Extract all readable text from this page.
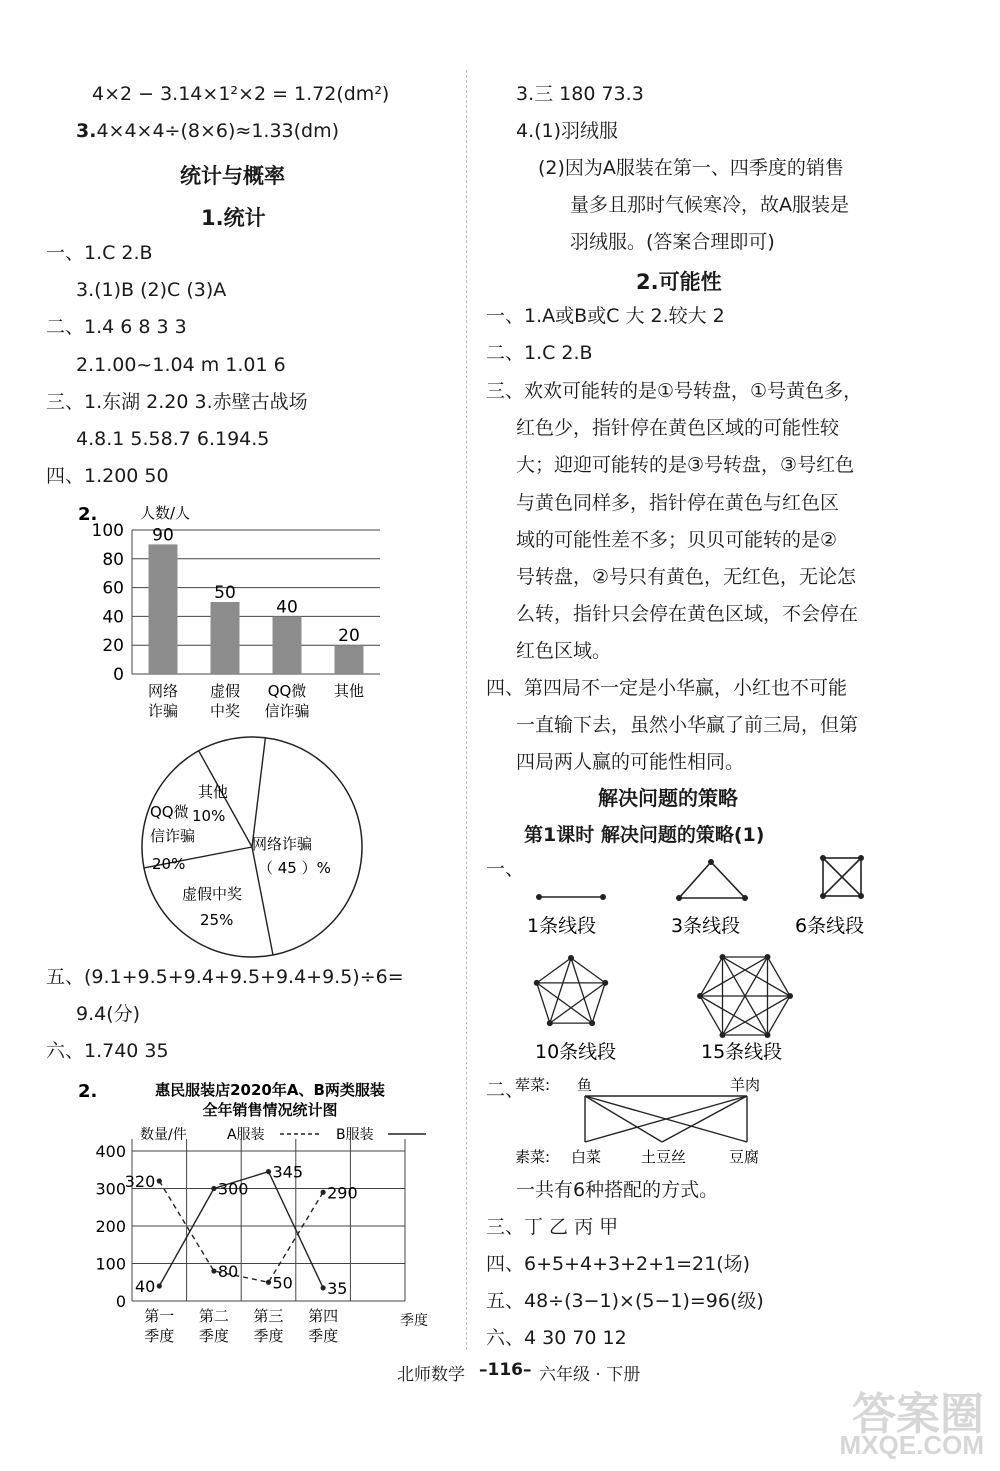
4×2 − 3.14×1²×2 = 1.72(dm²)
3.4×4×4÷(8×6)≈1.33(dm)
统计与概率
1.统计
一、1.C 2.B
3.(1)B (2)C (3)A
二、1.4 6 8 3 3
2.1.00~1.04 m 1.01 6
三、1.东湖 2.20 3.赤壁古战场
4.8.1 5.58.7 6.194.5
四、1.200 50
2.	人数/人
0
20
40
60
80
100 90
网络
诈骗
50
虚假
中奖
40
QQ微
信诈骗
20
其他
其他
10%
网络诈骗
（ 45 ）%
QQ微
信诈骗
20%
虚假中奖
25%
五、(9.1+9.5+9.4+9.5+9.4+9.5)÷6=
9.4(分)
六、1.740 35
2.	惠民服装店2020年A、B两类服装
全年销售情况统计图
数量/件	A服装	B服装
季度
0
100
200
300
400
第一
季度
第二
季度
第三
季度
第四
季度
320
80
50
290
40
300
345
35
3.三 180 73.3
4.(1)羽绒服
(2)因为A服装在第一、四季度的销售
量多且那时气候寒冷，故A服装是
羽绒服。(答案合理即可)
2.可能性
一、1.A或B或C 大 2.较大 2
二、1.C 2.B
三、欢欢可能转的是①号转盘，①号黄色多，
红色少，指针停在黄色区域的可能性较
大；迎迎可能转的是③号转盘，③号红色
与黄色同样多，指针停在黄色与红色区
域的可能性差不多；贝贝可能转的是②
号转盘，②号只有黄色，无红色，无论怎
么转，指针只会停在黄色区域，不会停在
红色区域。
四、第四局不一定是小华赢，小红也不可能
一直输下去，虽然小华赢了前三局，但第
四局两人赢的可能性相同。
解决问题的策略
第1课时 解决问题的策略(1)
一、
1条线段	3条线段	6条线段
10条线段	15条线段
二、
荤菜: 鱼	羊肉
素菜: 白菜	土豆丝	豆腐
一共有6种搭配的方式。
三、丁 乙 丙 甲
四、6+5+4+3+2+1=21(场)
五、48÷(3−1)×(5−1)=96(级)
六、4 30 70 12
北师数学 –116– 六年级 · 下册
答案圈
MXQE.COM
